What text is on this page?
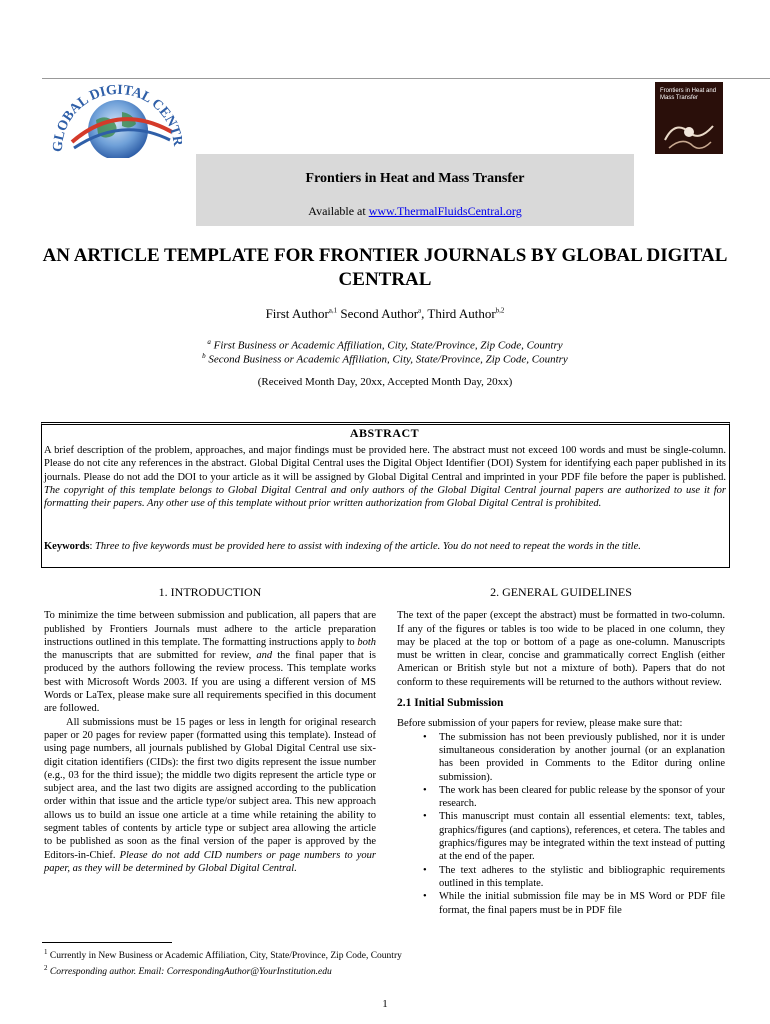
GLOBAL DIGITAL CENT
Frontiers in Heat and Mass Transfer
Frontiers in Heat and Mass Transfer
Available at www.ThermalFluidsCentral.org
AN ARTICLE TEMPLATE FOR FRONTIER JOURNALS BY GLOBAL DIGITAL CENTRAL
First Author$^{a,1}$ Second Author$^a$, Third Author$^{b,2}$
$^a$ First Business or Academic Affiliation, City, State/Province, Zip Code, Country
$^b$ Second Business or Academic Affiliation, City, State/Province, Zip Code, Country
(Received Month Day, 20xx, Accepted Month Day, 20xx)
ABSTRACT
A brief description of the problem, approaches, and major findings must be provided here. The abstract must not exceed 100 words and must be single-column. Please do not cite any references in the abstract. Global Digital Central uses the Digital Object Identifier (DOI) System for identifying each paper published in its journals. Please do not add the DOI to your article as it will be assigned by Global Digital Central and imprinted in your PDF file before the paper is published. The copyright of this template belongs to Global Digital Central and only authors of the Global Digital Central journal papers are authorized to use it for formatting their papers. Any other use of this template without prior written authorization from Global Digital Central is prohibited.
Keywords: Three to five keywords must be provided here to assist with indexing of the article. You do not need to repeat the words in the title.
1. INTRODUCTION
To minimize the time between submission and publication, all papers that are published by Frontiers Journals must adhere to the article preparation instructions outlined in this template. The formatting instructions apply to both the manuscripts that are submitted for review, and the final paper that is produced by the authors following the review process. This template works best with Microsoft Words 2003. If you are using a different version of MS Words or LaTex, please make sure all requirements specified in this document are followed.
All submissions must be 15 pages or less in length for original research paper or 20 pages for review paper (formatted using this template). Instead of using page numbers, all journals published by Global Digital Central use six-digit citation identifiers (CIDs): the first two digits represent the issue number (e.g., 03 for the third issue); the middle two digits represent the article type or subject area, and the last two digits are assigned according to the publication order within that issue and the article type/or subject area. This new approach allows us to build an issue one article at a time while retaining the ability to segment tables of contents by article type or subject area allowing the article to be published as soon as the final version of the paper is approved by the Editors-in-Chief. Please do not add CID numbers or page numbers to your paper, as they will be determined by Global Digital Central.
2. GENERAL GUIDELINES
The text of the paper (except the abstract) must be formatted in two-column. If any of the figures or tables is too wide to be placed in one column, they may be placed at the top or bottom of a page as one-column. Manuscripts must be written in clear, concise and grammatically correct English (either American or British style but not a mixture of both). Papers that do not conform to these requirements will be returned to the authors without review.
2.1 Initial Submission
Before submission of your papers for review, please make sure that:
• The submission has not been previously published, nor it is under simultaneous consideration by another journal (or an explanation has been provided in Comments to the Editor during online submission).
• The work has been cleared for public release by the sponsor of your research.
• This manuscript must contain all essential elements: text, tables, graphics/figures (and captions), references, et cetera. The tables and graphics/figures may be integrated within the text instead of putting at the end of the paper.
• The text adheres to the stylistic and bibliographic requirements outlined in this template.
• While the initial submission file may be in MS Word or PDF file format, the final papers must be in PDF file
$^1$ Currently in New Business or Academic Affiliation, City, State/Province, Zip Code, Country
$^2$ Corresponding author. Email: CorrespondingAuthor@YourInstitution.edu
1
